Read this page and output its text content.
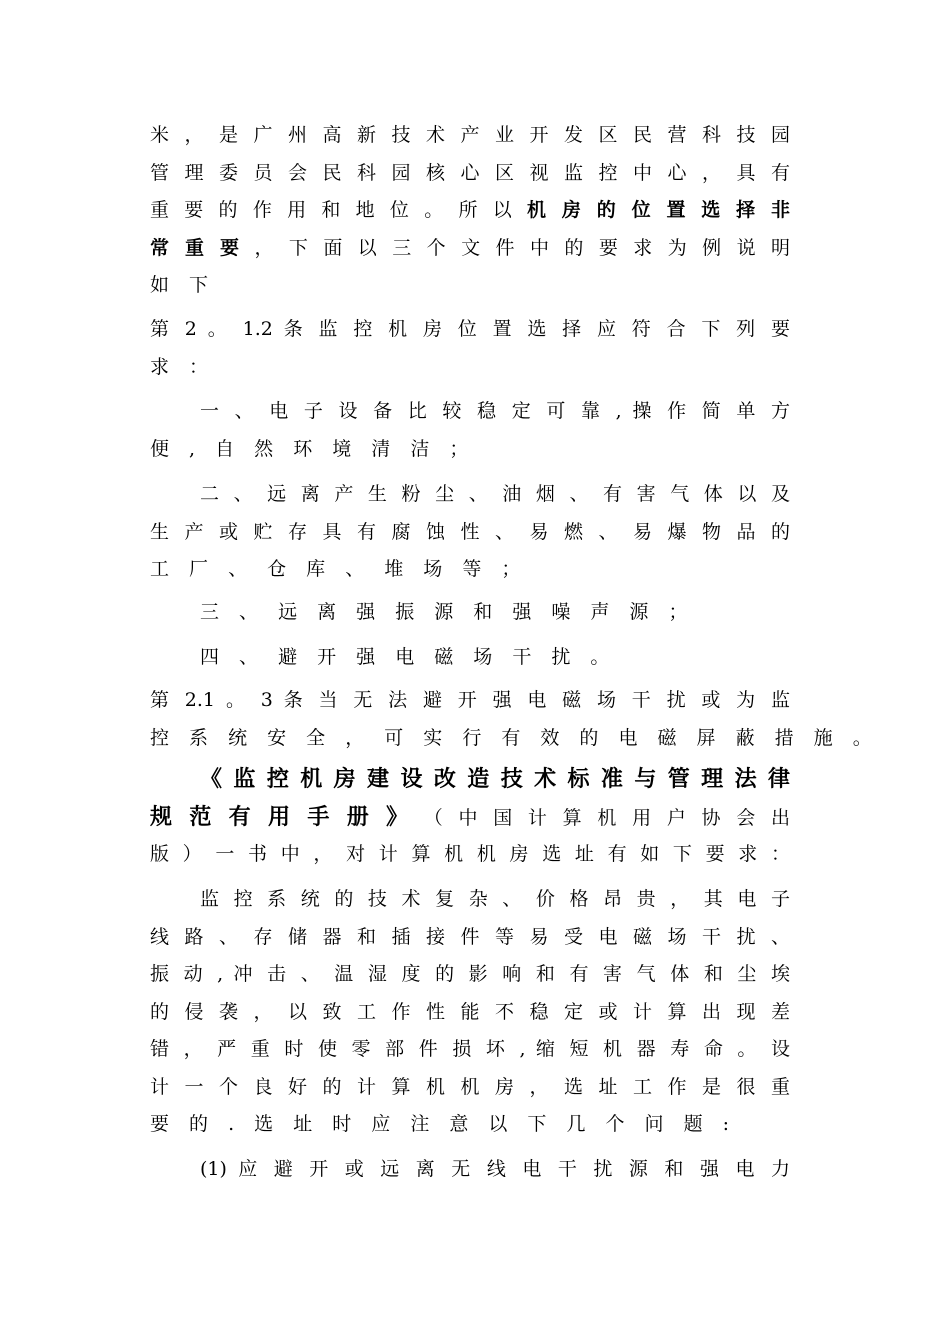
米 ， 是 广 州 高 新 技 术 产 业 开 发 区 民 营 科 技 园
管 理 委 员 会 民 科 园 核 心 区 视 监 控 中 心 ， 具 有
重 要 的 作 用 和 地 位 。 所 以 机 房 的 位 置 选 择 非
常 重 要 ， 下 面 以 三 个 文 件 中 的 要 求 为 例 说 明
如 下
第 2 。 1.2 条 监 控 机 房 位 置 选 择 应 符 合 下 列 要
求 ：
一 、 电 子 设 备 比 较 稳 定 可 靠 , 操 作 简 单 方
便 , 自 然 环 境 清 洁 ；
二 、 远 离 产 生 粉 尘 、 油 烟 、 有 害 气 体 以 及
生 产 或 贮 存 具 有 腐 蚀 性 、 易 燃 、 易 爆 物 品 的
工 厂 、 仓 库 、 堆 场 等 ；
三 、 远 离 强 振 源 和 强 噪 声 源 ；
四 、 避 开 强 电 磁 场 干 扰 。
第 2.1 。 3 条 当 无 法 避 开 强 电 磁 场 干 扰 或 为 监
控 系 统 安 全 ， 可 实 行 有 效 的 电 磁 屏 蔽 措 施 。
《 监 控 机 房 建 设 改 造 技 术 标 准 与 管 理 法 律
规 范 有 用 手 册 》 （ 中 国 计 算 机 用 户 协 会 出
版 ） 一 书 中 ， 对 计 算 机 机 房 选 址 有 如 下 要 求 ：
监 控 系 统 的 技 术 复 杂 、 价 格 昂 贵 ， 其 电 子
线 路 、 存 储 器 和 插 接 件 等 易 受 电 磁 场 干 扰 、
振 动 , 冲 击 、 温 湿 度 的 影 响 和 有 害 气 体 和 尘 埃
的 侵 袭 ， 以 致 工 作 性 能 不 稳 定 或 计 算 出 现 差
错 ， 严 重 时 使 零 部 件 损 坏 , 缩 短 机 器 寿 命 。 设
计 一 个 良 好 的 计 算 机 机 房 ， 选 址 工 作 是 很 重
要 的 . 选 址 时 应 注 意 以 下 几 个 问 题 :
(1) 应 避 开 或 远 离 无 线 电 干 扰 源 和 强 电 力
